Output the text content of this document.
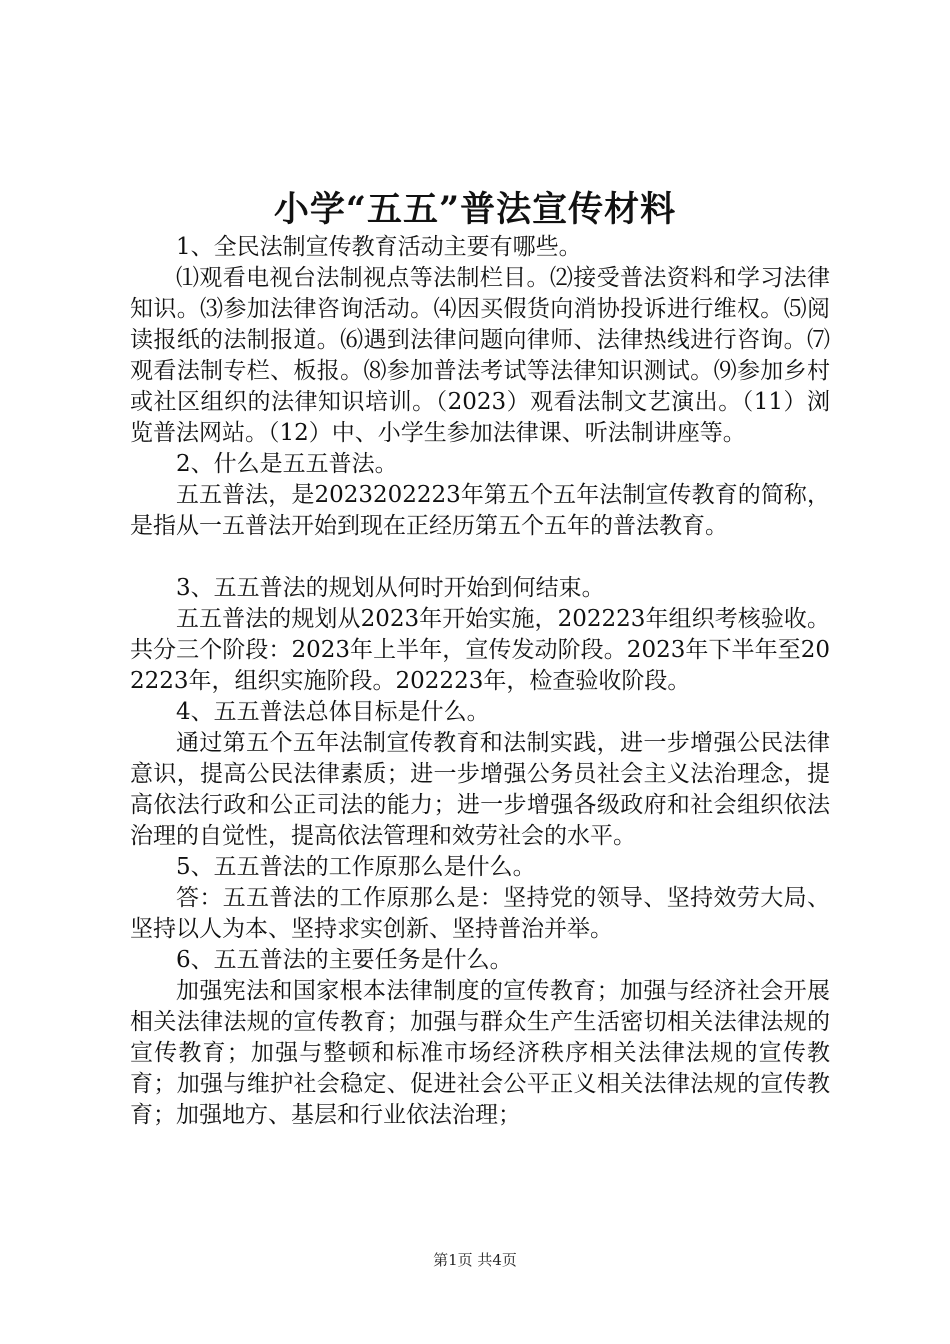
小学“五五”普法宣传材料

1、全民法制宣传教育活动主要有哪些。

⑴观看电视台法制视点等法制栏目。⑵接受普法资料和学习法律知识。⑶参加法律咨询活动。⑷因买假货向消协投诉进行维权。⑸阅读报纸的法制报道。⑹遇到法律问题向律师、法律热线进行咨询。⑺观看法制专栏、板报。⑻参加普法考试等法律知识测试。⑼参加乡村或社区组织的法律知识培训。（2023）观看法制文艺演出。（11）浏览普法网站。（12）中、小学生参加法律课、听法制讲座等。

2、什么是五五普法。

五五普法，是2023202223年第五个五年法制宣传教育的简称，是指从一五普法开始到现在正经历第五个五年的普法教育。

3、五五普法的规划从何时开始到何结束。

五五普法的规划从2023年开始实施，202223年组织考核验收。共分三个阶段：2023年上半年，宣传发动阶段。2023年下半年至202223年，组织实施阶段。202223年，检查验收阶段。

4、五五普法总体目标是什么。

通过第五个五年法制宣传教育和法制实践，进一步增强公民法律意识，提高公民法律素质；进一步增强公务员社会主义法治理念，提高依法行政和公正司法的能力；进一步增强各级政府和社会组织依法治理的自觉性，提高依法管理和效劳社会的水平。

5、五五普法的工作原那么是什么。

答：五五普法的工作原那么是：坚持党的领导、坚持效劳大局、坚持以人为本、坚持求实创新、坚持普治并举。

6、五五普法的主要任务是什么。

加强宪法和国家根本法律制度的宣传教育；加强与经济社会开展相关法律法规的宣传教育；加强与群众生产生活密切相关法律法规的宣传教育；加强与整顿和标准市场经济秩序相关法律法规的宣传教育；加强与维护社会稳定、促进社会公平正义相关法律法规的宣传教育；加强地方、基层和行业依法治理；

第1页 共4页
